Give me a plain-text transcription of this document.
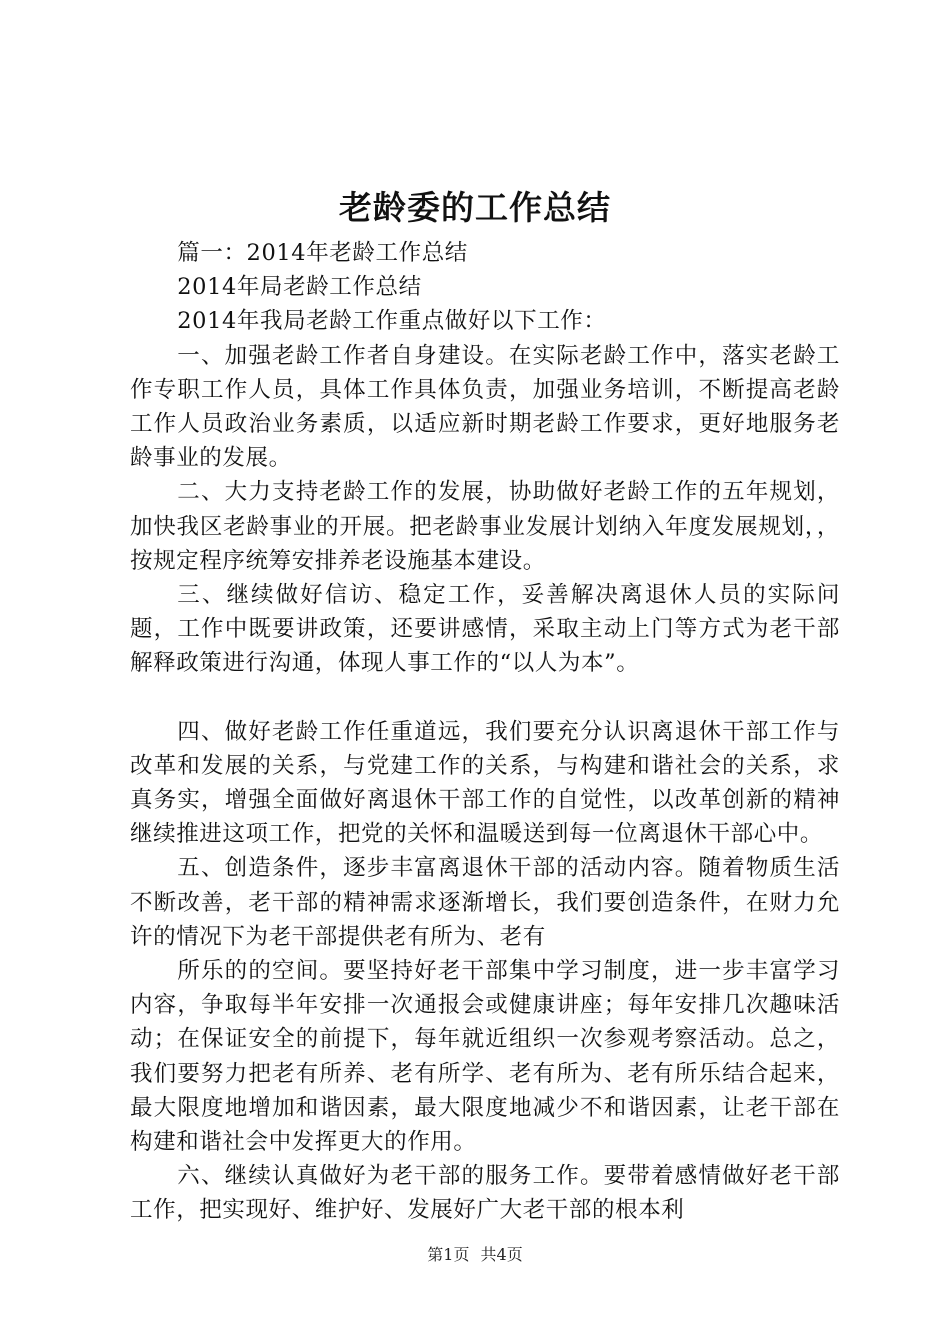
老龄委的工作总结

篇一：2014年老龄工作总结

2014年局老龄工作总结

2014年我局老龄工作重点做好以下工作：

一、加强老龄工作者自身建设。在实际老龄工作中，落实老龄工作专职工作人员，具体工作具体负责，加强业务培训，不断提高老龄工作人员政治业务素质，以适应新时期老龄工作要求，更好地服务老龄事业的发展。

二、大力支持老龄工作的发展，协助做好老龄工作的五年规划，加快我区老龄事业的开展。把老龄事业发展计划纳入年度发展规划，，按规定程序统筹安排养老设施基本建设。

三、继续做好信访、稳定工作，妥善解决离退休人员的实际问题，工作中既要讲政策，还要讲感情，采取主动上门等方式为老干部解释政策进行沟通，体现人事工作的“以人为本”。

四、做好老龄工作任重道远，我们要充分认识离退休干部工作与改革和发展的关系，与党建工作的关系，与构建和谐社会的关系，求真务实，增强全面做好离退休干部工作的自觉性，以改革创新的精神继续推进这项工作，把党的关怀和温暖送到每一位离退休干部心中。

五、创造条件，逐步丰富离退休干部的活动内容。随着物质生活不断改善，老干部的精神需求逐渐增长，我们要创造条件，在财力允许的情况下为老干部提供老有所为、老有

所乐的的空间。要坚持好老干部集中学习制度，进一步丰富学习内容，争取每半年安排一次通报会或健康讲座；每年安排几次趣味活动；在保证安全的前提下，每年就近组织一次参观考察活动。总之，我们要努力把老有所养、老有所学、老有所为、老有所乐结合起来，最大限度地增加和谐因素，最大限度地减少不和谐因素，让老干部在构建和谐社会中发挥更大的作用。

六、继续认真做好为老干部的服务工作。要带着感情做好老干部工作，把实现好、维护好、发展好广大老干部的根本利

第1页 共4页
